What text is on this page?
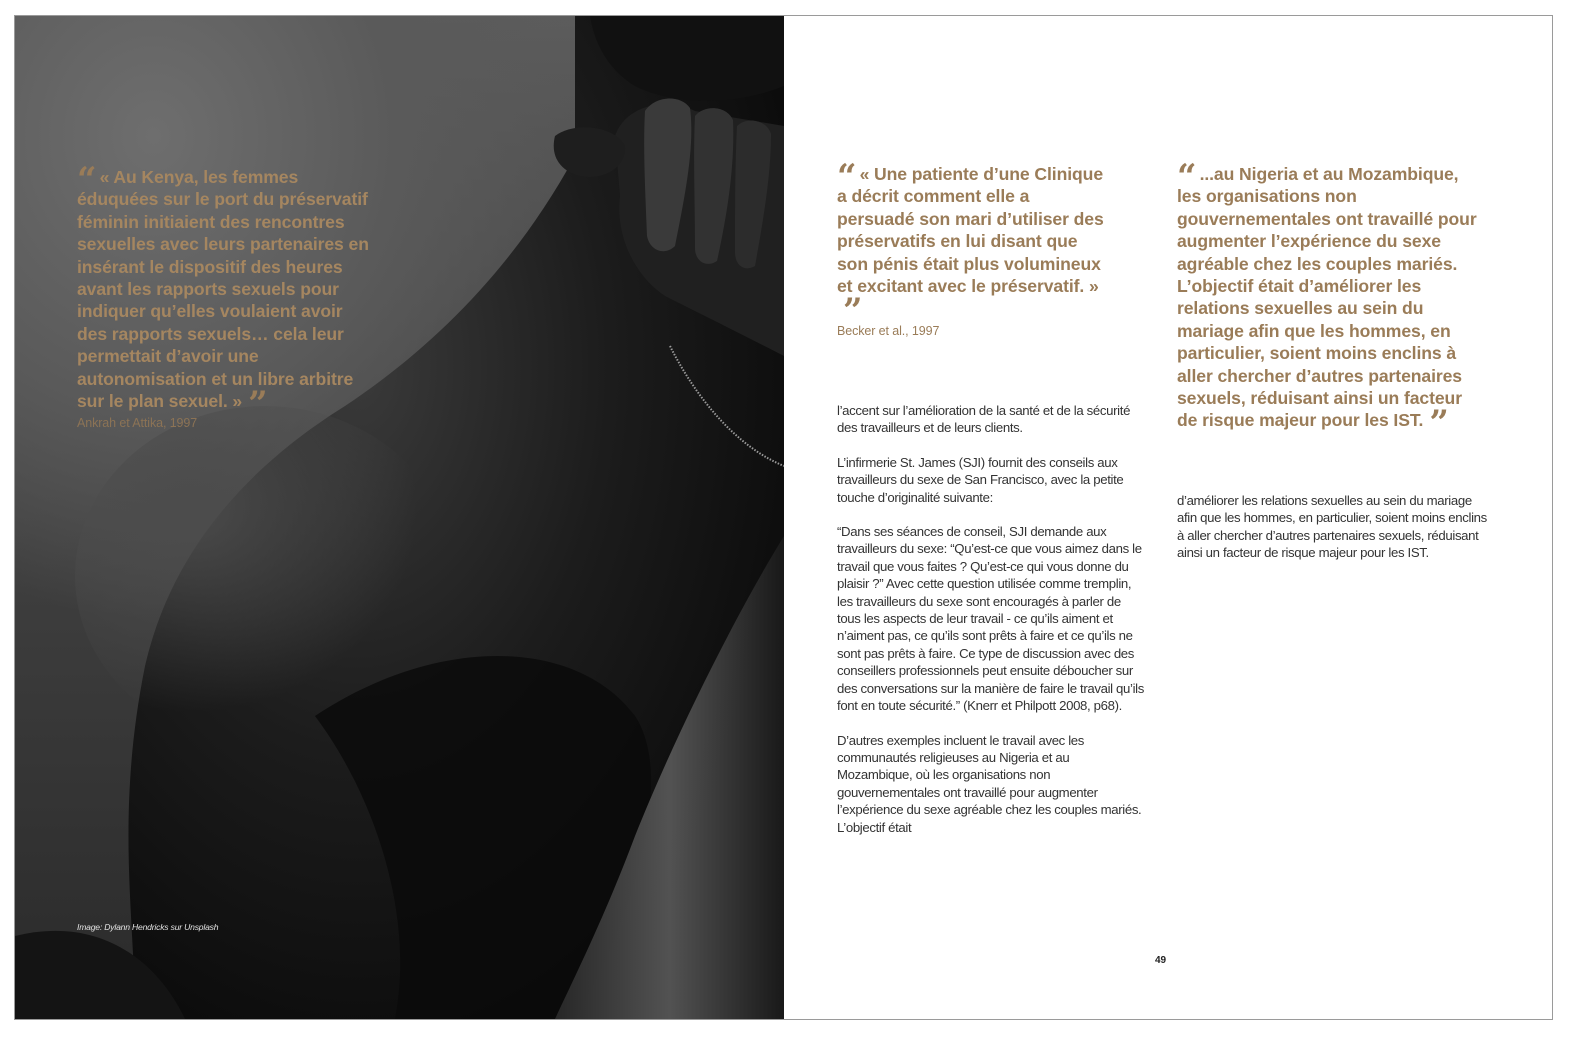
“ « Au Kenya, les femmes éduquées sur le port du préservatif féminin initiaient des rencontres sexuelles avec leurs partenaires en insérant le dispositif des heures avant les rapports sexuels pour indiquer qu’elles voulaient avoir des rapports sexuels… cela leur permettait d’avoir une autonomisation et un libre arbitre sur le plan sexuel. » ”
Ankrah et Attika, 1997
Image: Dylann Hendricks sur Unsplash
“ « Une patiente d’une Clinique a décrit comment elle a persuadé son mari d’utiliser des préservatifs en lui disant que son pénis était plus volumineux et excitant avec le préservatif. »”
Becker et al., 1997
“ ...au Nigeria et au Mozambique, les organisations non gouvernementales ont travaillé pour augmenter l’expérience du sexe agréable chez les couples mariés. L’objectif était d’améliorer les relations sexuelles au sein du mariage afin que les hommes, en particulier, soient moins enclins à aller chercher d’autres partenaires sexuels, réduisant ainsi un facteur de risque majeur pour les IST. ”

l’accent sur l’amélioration de la santé et de la sécurité des travailleurs et de leurs clients.

L’infirmerie St. James (SJI) fournit des conseils aux travailleurs du sexe de San Francisco, avec la petite touche d’originalité suivante:

“Dans ses séances de conseil, SJI demande aux travailleurs du sexe: “Qu’est-ce que vous aimez dans le travail que vous faites ? Qu’est-ce qui vous donne du plaisir ?” Avec cette question utilisée comme tremplin, les travailleurs du sexe sont encouragés à parler de tous les aspects de leur travail - ce qu’ils aiment et n’aiment pas, ce qu’ils sont prêts à faire et ce qu’ils ne sont pas prêts à faire. Ce type de discussion avec des conseillers professionnels peut ensuite déboucher sur des conversations sur la manière de faire le travail qu’ils font en toute sécurité.” (Knerr et Philpott 2008, p68).

D’autres exemples incluent le travail avec les communautés religieuses au Nigeria et au Mozambique, où les organisations non gouvernementales ont travaillé pour augmenter l’expérience du sexe agréable chez les couples mariés. L’objectif était

d’améliorer les relations sexuelles au sein du mariage afin que les hommes, en particulier, soient moins enclins à aller chercher d’autres partenaires sexuels, réduisant ainsi un facteur de risque majeur pour les IST.

49
